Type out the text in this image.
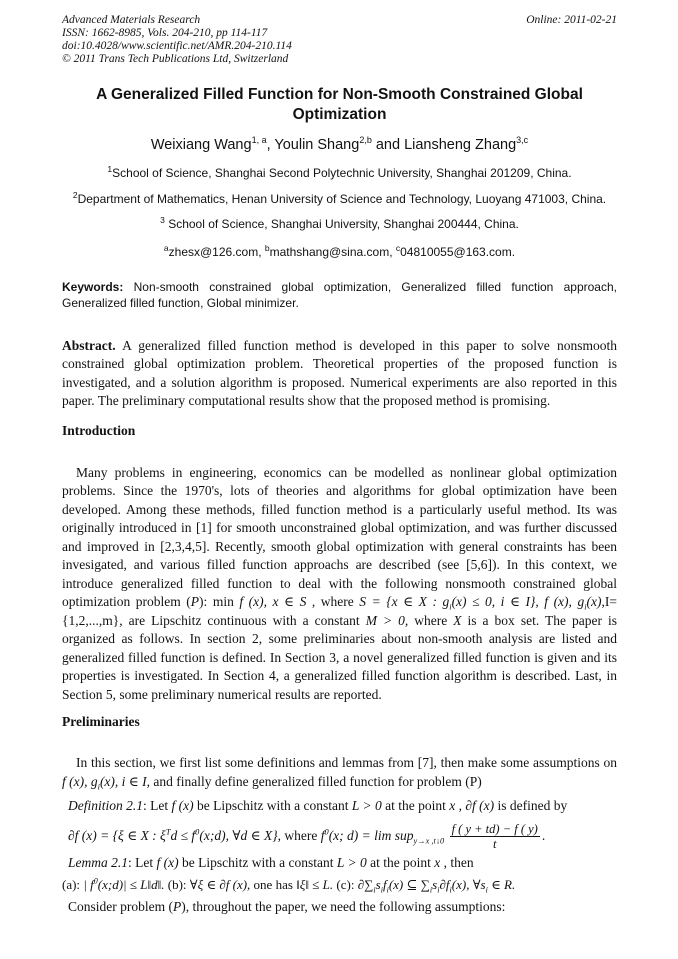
Advanced Materials Research
ISSN: 1662-8985, Vols. 204-210, pp 114-117
doi:10.4028/www.scientific.net/AMR.204-210.114
© 2011 Trans Tech Publications Ltd, Switzerland
Online: 2011-02-21
A Generalized Filled Function for Non-Smooth Constrained Global Optimization
Weixiang Wang$^{1, a}$, Youlin Shang$^{2,b}$ and Liansheng Zhang$^{3,c}$
$^1$School of Science, Shanghai Second Polytechnic University, Shanghai 201209, China.
$^2$Department of Mathematics, Henan University of Science and Technology, Luoyang 471003, China.
$^3$ School of Science, Shanghai University, Shanghai 200444, China.
$^a$zhesx@126.com, $^b$mathshang@sina.com, $^c$04810055@163.com.
Keywords: Non-smooth constrained global optimization, Generalized filled function approach, Generalized filled function, Global minimizer.
Abstract. A generalized filled function method is developed in this paper to solve nonsmooth constrained global optimization problem. Theoretical properties of the proposed function is investigated, and a solution algorithm is proposed. Numerical experiments are also reported in this paper. The preliminary computational results show that the proposed method is promising.
Introduction
Many problems in engineering, economics can be modelled as nonlinear global optimization problems. Since the 1970's, lots of theories and algorithms for global optimization have been developed. Among these methods, filled function method is a particularly useful method. Its was originally introduced in [1] for smooth unconstrained global optimization, and was further discussed and improved in [2,3,4,5]. Recently, smooth global optimization with general constraints has been invesigated, and various filled function approachs are described (see [5,6]). In this context, we introduce generalized filled function to deal with the following nonsmooth constrained global optimization problem (P): min f (x), x ∈ S , where S = {x ∈ X : $g_i(x) \le 0$, i ∈ I}, f (x), $g_i(x),I=\{1,2,...,m\}$, are Lipschitz continuous with a constant M > 0, where X is a box set. The paper is organized as follows. In section 2, some preliminaries about non-smooth analysis are listed and generalized filled function is defined. In Section 3, a novel generalized filled function is given and its properties is investigated. In Section 4, a generalized filled function algorithm is described. Last, in Section 5, some preliminary numerical results are reported.
Preliminaries
In this section, we first list some definitions and lemmas from [7], then make some assumptions on f (x), $g_i(x)$, i ∈ I, and finally define generalized filled function for problem (P)
Definition 2.1: Let f (x) be Lipschitz with a constant L > 0 at the point x , ∂f (x) is defined by
∂f (x) = {ξ ∈ X : $\xi^Td$ ≤ $f^0(x;d)$, ∀d ∈ X}, where $f^0(x$; $d) = \lim sup_{y\to x ,t↓0} \frac{f ( y + td) - f ( y)}{t}$ .
Lemma 2.1: Let f (x) be Lipschitz with a constant L > 0 at the point x , then
(a): | $f^0(x;d)|$ ≤ L‖d‖. (b): ∀ξ ∈ ∂f (x), one has ‖ξ‖ ≤ L. (c): $\partial\sum_is_if_i(x)$ ⊆ $\sum_is_i\partial f_i(x)$, $\forall s_i$ ∈ R.
Consider problem (P), throughout the paper, we need the following assumptions:
